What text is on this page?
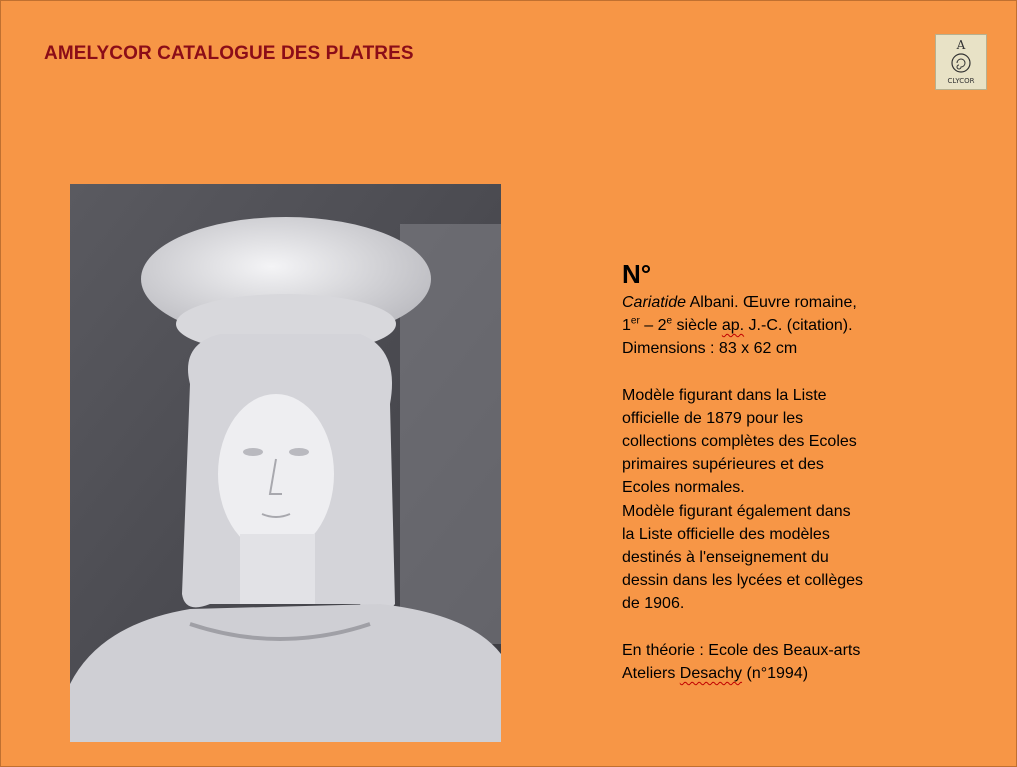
AMELYCOR CATALOGUE DES PLATRES	A
CLYCOR
N°
Cariatide Albani. Œuvre romaine,
1er – 2e siècle ap. J.-C. (citation).
Dimensions : 83 x 62 cm
Modèle figurant dans la Liste
officielle de 1879 pour les
collections complètes des Ecoles
primaires supérieures et des
Ecoles normales.
Modèle figurant également dans
la Liste officielle des modèles
destinés à l'enseignement du
dessin dans les lycées et collèges
de 1906.
En théorie : Ecole des Beaux-arts
Ateliers Desachy (n°1994)
